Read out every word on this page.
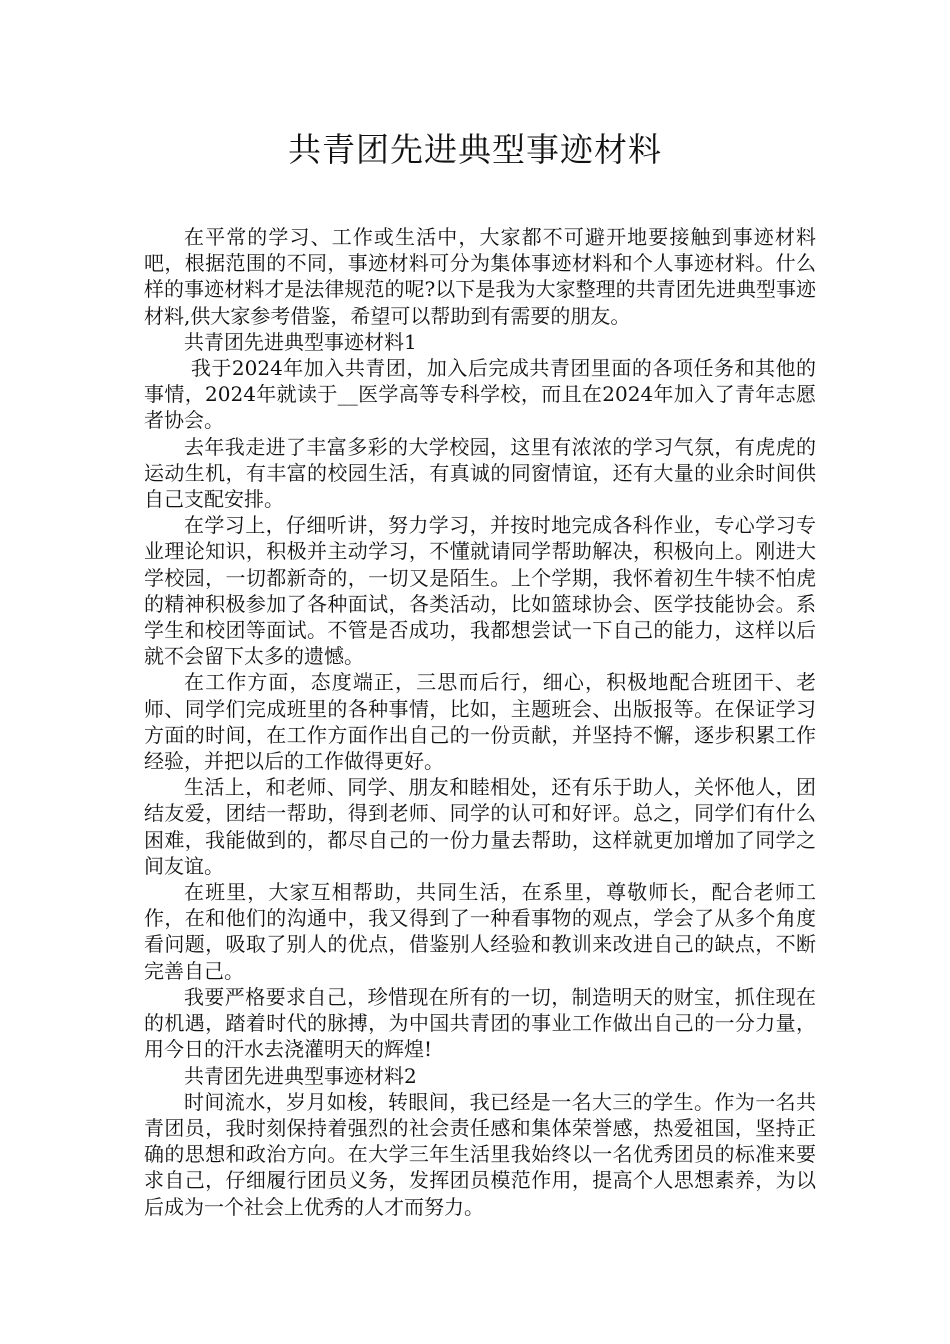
共青团先进典型事迹材料

在平常的学习、工作或生活中，大家都不可避开地要接触到事迹材料吧，根据范围的不同，事迹材料可分为集体事迹材料和个人事迹材料。什么样的事迹材料才是法律规范的呢?以下是我为大家整理的共青团先进典型事迹材料,供大家参考借鉴，希望可以帮助到有需要的朋友。

共青团先进典型事迹材料1

我于2024年加入共青团，加入后完成共青团里面的各项任务和其他的事情，2024年就读于__医学高等专科学校，而且在2024年加入了青年志愿者协会。

去年我走进了丰富多彩的大学校园，这里有浓浓的学习气氛，有虎虎的运动生机，有丰富的校园生活，有真诚的同窗情谊，还有大量的业余时间供自己支配安排。

在学习上，仔细听讲，努力学习，并按时地完成各科作业，专心学习专业理论知识，积极并主动学习，不懂就请同学帮助解决，积极向上。刚进大学校园，一切都新奇的，一切又是陌生。上个学期，我怀着初生牛犊不怕虎的精神积极参加了各种面试，各类活动，比如篮球协会、医学技能协会。系学生和校团等面试。不管是否成功，我都想尝试一下自己的能力，这样以后就不会留下太多的遗憾。

在工作方面，态度端正，三思而后行，细心，积极地配合班团干、老师、同学们完成班里的各种事情，比如，主题班会、出版报等。在保证学习方面的时间，在工作方面作出自己的一份贡献，并坚持不懈，逐步积累工作经验，并把以后的工作做得更好。

生活上，和老师、同学、朋友和睦相处，还有乐于助人，关怀他人，团结友爱，团结一帮助，得到老师、同学的认可和好评。总之，同学们有什么困难，我能做到的，都尽自己的一份力量去帮助，这样就更加增加了同学之间友谊。

在班里，大家互相帮助，共同生活，在系里，尊敬师长，配合老师工作，在和他们的沟通中，我又得到了一种看事物的观点，学会了从多个角度看问题，吸取了别人的优点，借鉴别人经验和教训来改进自己的缺点，不断完善自己。

我要严格要求自己，珍惜现在所有的一切，制造明天的财宝，抓住现在的机遇，踏着时代的脉搏，为中国共青团的事业工作做出自己的一分力量，用今日的汗水去浇灌明天的辉煌!

共青团先进典型事迹材料2

时间流水，岁月如梭，转眼间，我已经是一名大三的学生。作为一名共青团员，我时刻保持着强烈的社会责任感和集体荣誉感，热爱祖国，坚持正确的思想和政治方向。在大学三年生活里我始终以一名优秀团员的标准来要求自己，仔细履行团员义务，发挥团员模范作用，提高个人思想素养，为以后成为一个社会上优秀的人才而努力。
